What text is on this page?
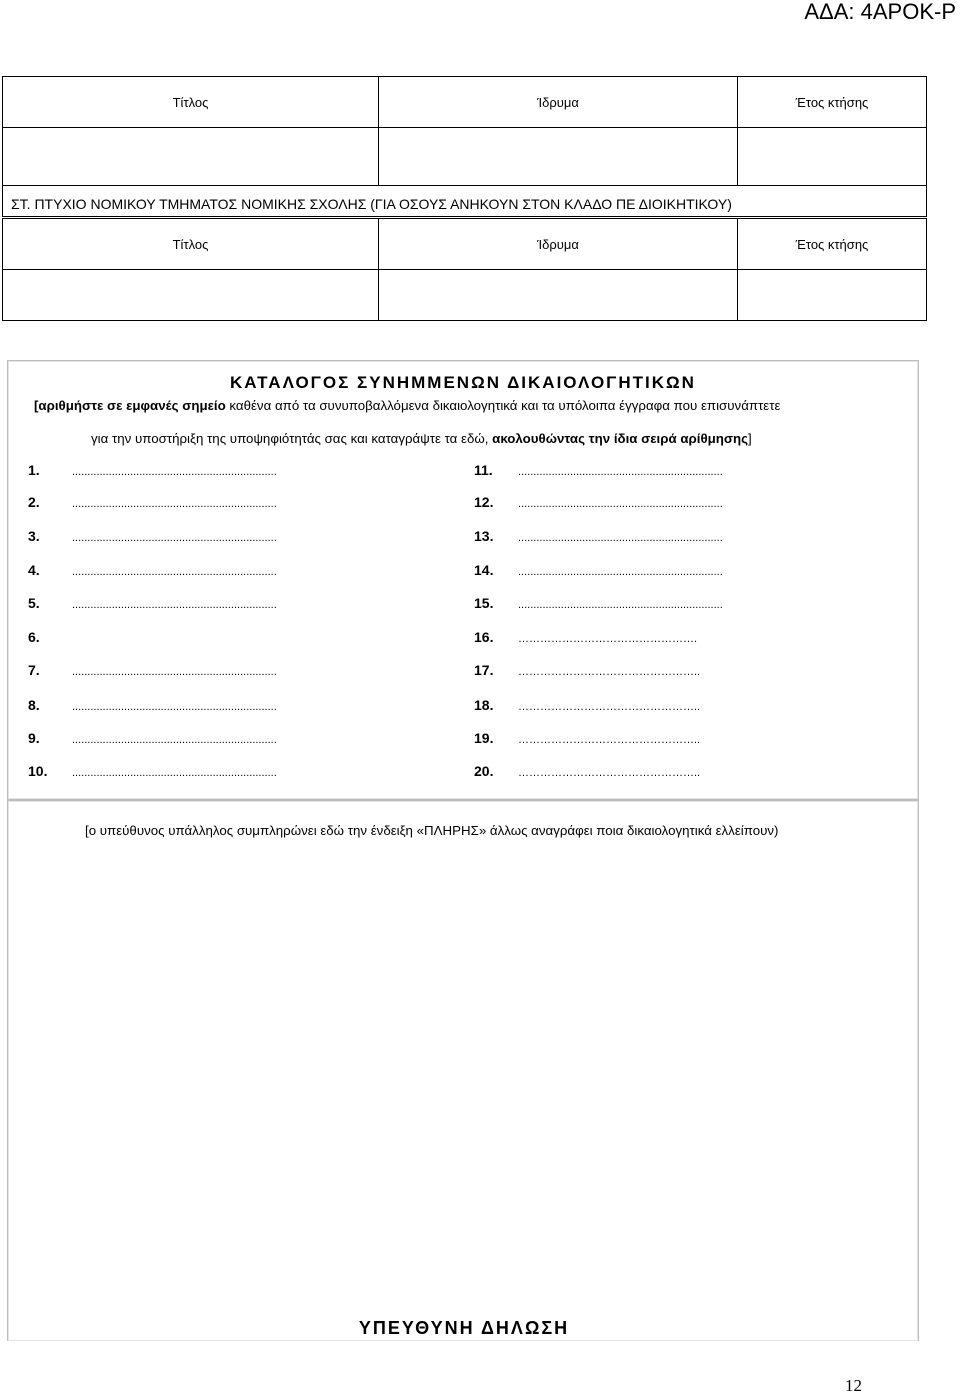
ΑΔΑ: 4ΑΡΟΚ-Ρ
Τίτλος	Ίδρυμα	Έτος κτήσης

ΣΤ. ΠΤΥΧΙΟ ΝΟΜΙΚΟΥ ΤΜΗΜΑΤΟΣ ΝΟΜΙΚΗΣ ΣΧΟΛΗΣ (ΓΙΑ ΟΣΟΥΣ ΑΝΗΚΟΥΝ ΣΤΟΝ ΚΛΑΔΟ ΠΕ ΔΙΟΙΚΗΤΙΚΟΥ)		
Τίτλος	Ίδρυμα	Έτος κτήσης

ΚΑΤΑΛΟΓΟΣ ΣΥΝΗΜΜΕΝΩΝ ΔΙΚΑΙΟΛΟΓΗΤΙΚΩΝ
[αριθμήστε σε εμφανές σημείο καθένα από τα συνυποβαλλόμενα δικαιολογητικά και τα υπόλοιπα έγγραφα που επισυνάπτετε
για την υποστήριξη της υποψηφιότητάς σας και καταγράψτε τα εδώ, ακολουθώντας την ίδια σειρά αρίθμησης]
1.	...................................................................
2.	...................................................................
3.	...................................................................
4.	...................................................................
5.	...................................................................
6.
7.	...................................................................
8.	...................................................................
9.	...................................................................
10. ...................................................................
11. ...................................................................
12. ...................................................................
13. ...................................................................
14. ...................................................................
15. ...................................................................
16. ………………………………………….
17. …………………………………………..
18. …………………………………………..
19. …………………………………………..
20. …………………………………………..
[ο υπεύθυνος υπάλληλος συμπληρώνει εδώ την ένδειξη «ΠΛΗΡΗΣ» άλλως αναγράφει ποια δικαιολογητικά ελλείπουν)
ΥΠΕΥΘΥΝΗ ΔΗΛΩΣΗ
12
